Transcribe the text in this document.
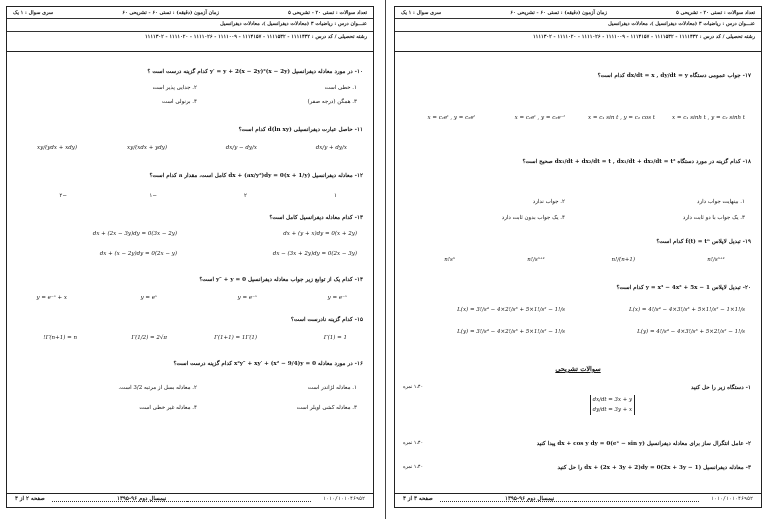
تعداد سوالات : تستی ۲۰ - تشریحی ۵
زمان آزمون (دقیقه) : تستی ۶۰ - تشریحی ۶۰
سری سوال : ۱ یک
عنـــوان درس : ریاضیات ۳ (معادلات دیفرانسیل )، معادلات دیفرانسیل
رشته تحصیلی / کد درس : ۱۱۱۱۴۳۲ - ۱۱۱۱۵۳۲ - ۱۱۱۴۱۵۷ - ۱۱۱۱۰۰۹ - ۱۱۱۱۰۲۶ - ۱۱۱۱۰۲۰ - ۱۱۱۱۳۰۲
۱۰- در مورد معادله دیفرانسیل (x − 2y)y′ = y + 2(x − 2y)² کدام گزینه درست است ؟
۱. خطی است
۲. جدایی پذیر است
۳. همگن (درجه صفر)
۴. برنولی است
۱۱- حاصل عبارت دیفرانسیلی d(ln xy) کدام است؟
dx/y + dy/x
dx/y − dy/x
(xdx + ydy)/xy
(ydx + xdy)/xy
۱۲- معادله دیفرانسیل (x + 1/y)dx + (ax/y²)dy = 0 کامل است، مقدار a کدام است؟
۱
۲
−۱
−۲
۱۳- کدام معادله دیفرانسیل کامل است؟
(x + 2y)dx + (y + x)dy = 0
(3x − 2y)dx + (2x − 3y)dy = 0
(2x − 3y)dx − (3x + 2y)dy = 0
(2x − y)dx + (x − 2y)dy = 0
۱۴- کدام یک از توابع زیر جواب معادله دیفرانسیل y″ + y = 0 است؟
y = e⁻ˣ
y = e⁻ˣ
y = eˣ
y = e⁻ˣ + x
۱۵- کدام گزینه نادرست است؟
Γ(1) = 1
Γ(1+1) = 1Γ(1)
Γ(1/2) = 2√π
Γ(n+1) = n!
۱۶- در مورد معادله x²y″ + xy′ + (x² − 9/4)y = 0 کدام گزینه درست است؟
۱. معادله لژاندر است
۲. معادله بسل از مرتبه 3/2 است.
۳. معادله کشی اویلر است
۴. معادله غیر خطی است
صفحه ۲ از ۴	نیمسال دوم ۹۶-۱۳۹۵	۱۰۱۰/۱۰۱۰۴۶۹۵۲
تعداد سوالات : تستی ۲۰ - تشریحی ۵
زمان آزمون (دقیقه) : تستی ۶۰ - تشریحی ۶۰
سری سوال : ۱ یک
عنـــوان درس : ریاضیات ۳ (معادلات دیفرانسیل )، معادلات دیفرانسیل
رشته تحصیلی / کد درس : ۱۱۱۱۴۳۲ - ۱۱۱۱۵۳۲ - ۱۱۱۴۱۵۷ - ۱۱۱۱۰۰۹ - ۱۱۱۱۰۲۶ - ۱۱۱۱۰۲۰ - ۱۱۱۱۳۰۲
۱۷- جواب عمومی دستگاه dx/dt = x , dy/dt = y کدام است؟
x = c₁ sinh t , y = c₂ sinh t
x = c₁ sin t , y = c₂ cos t
x = c₁eᵗ , y = c₂e⁻ᵗ
x = c₁eᵗ , y = c₂eᵗ
۱۸- کدام گزینه در مورد دستگاه dx₁/dt + dx₂/dt = t , dx₁/dt + dx₂/dt = t² صحیح است؟
۱. بینهایت جواب دارد
۲. جواب ندارد
۳. یک جواب با دو ثابت دارد
۴. یک جواب بدون ثابت دارد
۱۹- تبدیل لاپلاس f(t) = tⁿ کدام است؟
n!/sⁿ⁺¹
n!/(n+1)
n!/sⁿ⁺¹
n!sⁿ
۲۰- تبدیل لاپلاس y = x³ − 4x² + 5x − 1 کدام است؟
L(x) = 4!/s⁴ − 4×3!/s³ + 5×1!/s² − 1×1!/s
L(x) = 3!/s⁴ − 4×2!/s³ + 5×1!/s² − 1!/s
L(y) = 4!/s⁴ − 4×3!/s³ + 5×2!/s² − 1!/s
L(y) = 3!/s⁴ − 4×2!/s³ + 5×1!/s² − 1!/s
سوالات تشریحی
۱- دستگاه زیر را حل کنید
۱،۴۰ نمره
dx/dt = 3x + y
dy/dt = 3y + x
۲- عامل انتگرال ساز برای معادله دیفرانسیل (eˣ − sin y)dx + cos y dy = 0 پیدا کنید
۱،۴۰ نمره
۳- معادله دیفرانسیل (2x + 3y − 1)dx + (2x + 3y + 2)dy = 0 را حل کنید
۱،۴۰ نمره
صفحه ۳ از ۴	نیمسال دوم ۹۶-۱۳۹۵	۱۰۱۰/۱۰۱۰۴۶۹۵۲
